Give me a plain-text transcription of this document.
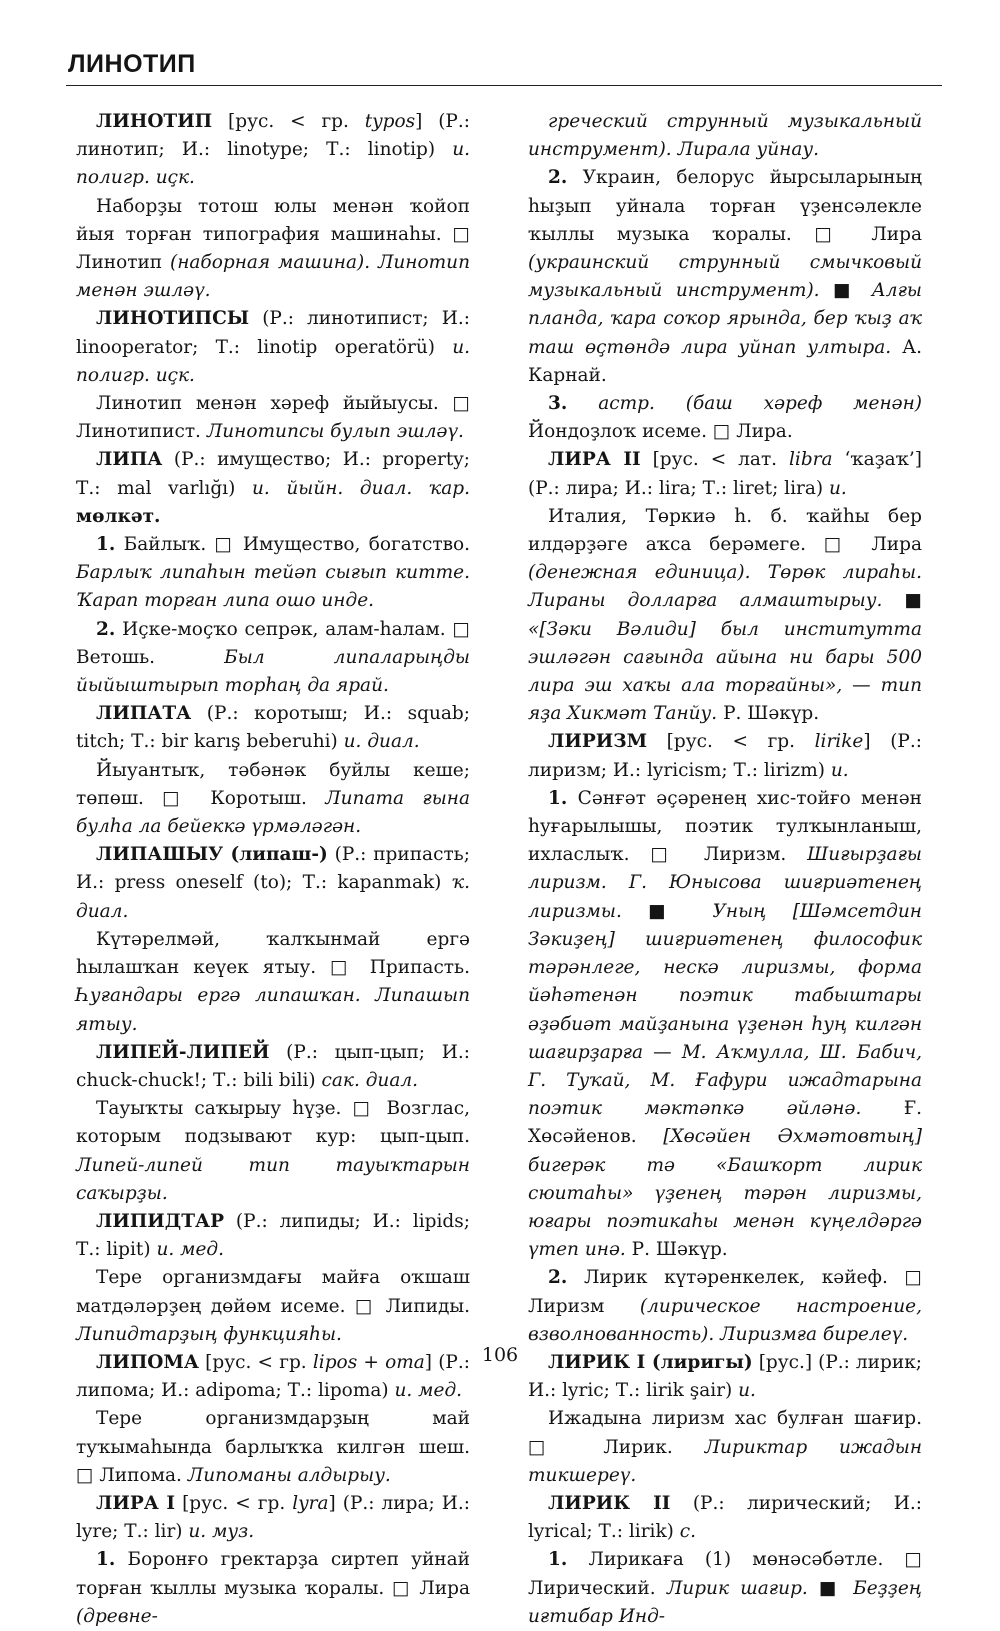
ЛИНОТИП

ЛИНОТИП [рус. < гр. typos] (Р.: линотип; И.: linotype; Т.: linotip) и. полигр. иҫк.

Наборҙы тотош юлы менән ҡойоп йыя торған типография машинаһы. □ Линотип (наборная машина). Линотип менән эшләү.

ЛИНОТИПСЫ (Р.: линотипист; И.: linooperator; Т.: linotip operatörü) и. полигр. иҫк.

Линотип менән хәреф йыйыусы. □ Линотипист. Линотипсы булып эшләү.

ЛИПА (Р.: имущество; И.: property; Т.: mal varlığı) и. йыйн. диал. ҡар. мөлкәт.

1. Байлыҡ. □ Имущество, богатство. Барлыҡ липаһын тейәп сығып китте. Ҡарап торған липа ошо инде.

2. Иҫке-моҫҡо сепрәк, алам-һалам. □ Ветошь. Был липаларыңды йыйыштырып торһаң да ярай.

ЛИПАТА (Р.: коротыш; И.: squab; titch; Т.: bir karış beberuhi) и. диал.

Йыуантыҡ, тәбәнәк буйлы кеше; төпөш. □ Коротыш. Липата ғына булһа ла бейеккә үрмәләгән.

ЛИПАШЫУ (липаш-) (Р.: припасть; И.: press oneself (to); Т.: kapanmak) ҡ. диал.

Күтәрелмәй, ҡалҡынмай ергә һылашҡан кеүек ятыу. □ Припасть. Һуғандары ергә липашҡан. Липашып ятыу.

ЛИПЕЙ-ЛИПЕЙ (Р.: цып-цып; И.: chuck-chuck!; Т.: bili bili) сак. диал.

Тауыҡты саҡырыу һүҙе. □ Возглас, которым подзывают кур: цып-цып. Липей-липей тип тауыҡтарын саҡырҙы.

ЛИПИДТАР (Р.: липиды; И.: lipids; Т.: lipit) и. мед.

Тере организмдағы майға оҡшаш матдәләрҙең дөйөм исеме. □ Липиды. Липидтарҙың функцияһы.

ЛИПОМА [рус. < гр. lipos + oma] (Р.: липома; И.: adipoma; Т.: lipoma) и. мед.

Тере организмдарҙың май туҡымаһында барлыҡҡа килгән шеш. □ Липома. Липоманы алдырыу.

ЛИРА I [рус. < гр. lyra] (Р.: лира; И.: lyre; Т.: lir) и. муз.

1. Боронғо гректарҙа сиртеп уйнай торған ҡыллы музыка ҡоралы. □ Лира (древне-

греческий струнный музыкальный инструмент). Лирала уйнау.

2. Украин, белорус йырсыларының һыҙып уйнала торған үҙенсәлекле ҡыллы музыка ҡоралы. □ Лира (украинский струнный смычковый музыкальный инструмент). ■ Алғы планда, ҡара соҡор ярында, бер ҡыҙ аҡ таш өҫтөндә лира уйнап ултыра. А. Карнай.

3. астр. (баш хәреф менән) Йондоҙлоҡ исеме. □ Лира.

ЛИРА II [рус. < лат. libra ‘ҡаҙаҡ’] (Р.: лира; И.: lira; Т.: liret; lira) и.

Италия, Төркиә һ. б. ҡайһы бер илдәрҙәге аҡса берәмеге. □ Лира (денежная единица). Төрөк лираһы. Лираны долларға алмаштырыу. ■ «[Зәки Вәлиди] был институтта эшләгән сағында айына ни бары 500 лира эш хаҡы ала торғайны», — тип яҙа Хикмәт Танйу. Р. Шәкүр.

ЛИРИЗМ [рус. < гр. lirike] (Р.: лиризм; И.: lyricism; Т.: lirizm) и.

1. Сәнғәт әҫәренең хис-тойғо менән һуғарылышы, поэтик тулҡынланыш, ихласлыҡ. □ Лиризм. Шиғырҙағы лиризм. Г. Юнысова шиғриәтенең лиризмы. ■ Уның [Шәмсетдин Зәкиҙең] шиғриәтенең философик тәрәнлеге, нескә лиризмы, форма йәһәтенән поэтик табыштары әҙәбиәт майҙанына үҙенән һуң килгән шағирҙарға — М. Аҡмулла, Ш. Бабич, Г. Туҡай, М. Ғафури ижадтарына поэтик мәктәпкә әйләнә. Ғ. Хөсәйенов. [Хөсәйен Әхмәтовтың] бигерәк тә «Башҡорт лирик сюитаһы» үҙенең тәрән лиризмы, юғары поэтикаһы менән күңелдәргә үтеп инә. Р. Шәкүр.

2. Лирик күтәренкелек, кәйеф. □ Лиризм (лирическое настроение, взволнованность). Лиризмға бирелеү.

ЛИРИК I (лиригы) [рус.] (Р.: лирик; И.: lyric; Т.: lirik şair) и.

Ижадына лиризм хас булған шағир. □ Лирик. Лириктар ижадын тикшереү.

ЛИРИК II (Р.: лирический; И.: lyrical; Т.: lirik) с.

1. Лирикаға (1) мөнәсәбәтле. □ Лирический. Лирик шағир. ■ Беҙҙең иғтибар Инд-

106
